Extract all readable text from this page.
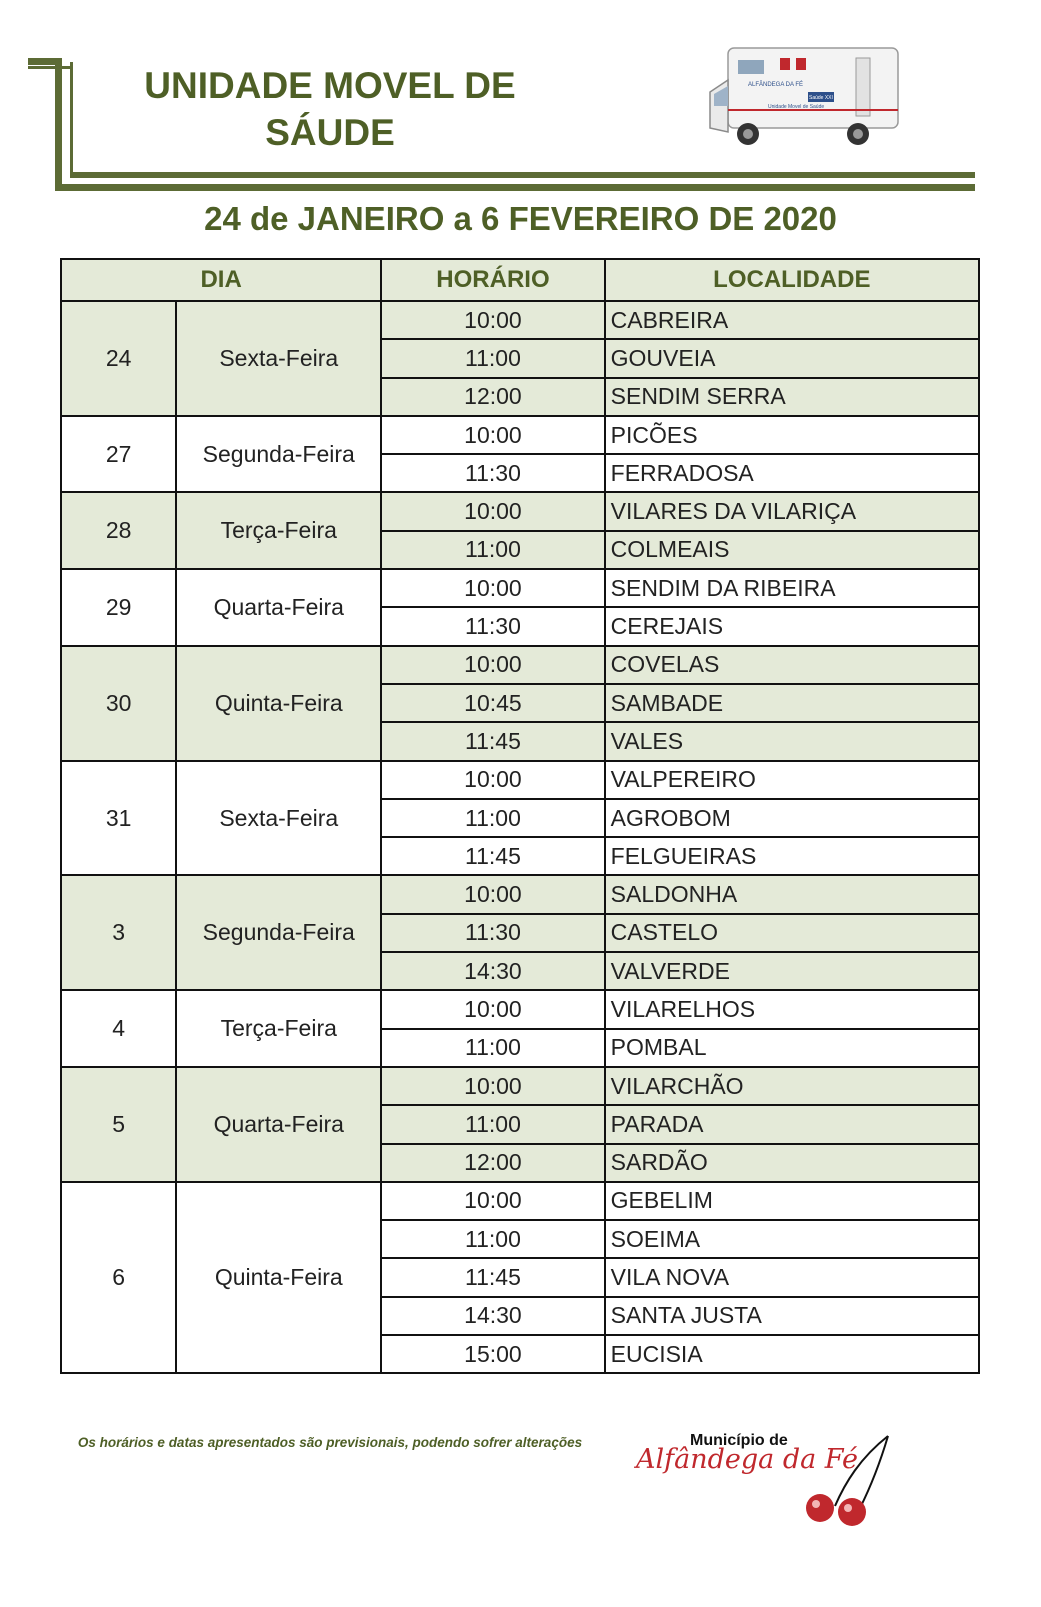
UNIDADE MOVEL DE
SÁUDE
ALFÂNDEGA DA FÉ
Saúde XXI
Unidade Movel de Saúde
24 de JANEIRO a 6 FEVEREIRO DE 2020
DIA		HORÁRIO	LOCALIDADE
24	Sexta-Feira	10:00	CABREIRA
		11:00	GOUVEIA
		12:00	SENDIM SERRA
27	Segunda-Feira	10:00	PICÕES
		11:30	FERRADOSA
28	Terça-Feira	10:00	VILARES DA VILARIÇA
		11:00	COLMEAIS
29	Quarta-Feira	10:00	SENDIM DA RIBEIRA
		11:30	CEREJAIS
30	Quinta-Feira	10:00	COVELAS
		10:45	SAMBADE
		11:45	VALES
31	Sexta-Feira	10:00	VALPEREIRO
		11:00	AGROBOM
		11:45	FELGUEIRAS
3	Segunda-Feira	10:00	SALDONHA
		11:30	CASTELO
		14:30	VALVERDE
4	Terça-Feira	10:00	VILARELHOS
		11:00	POMBAL
5	Quarta-Feira	10:00	VILARCHÃO
		11:00	PARADA
		12:00	SARDÃO
6	Quinta-Feira	10:00	GEBELIM
		11:00	SOEIMA
		11:45	VILA NOVA
		14:30	SANTA JUSTA
		15:00	EUCISIA
Os horários e datas apresentados são previsionais, podendo sofrer alterações	Município de
Alfândega da Fé
